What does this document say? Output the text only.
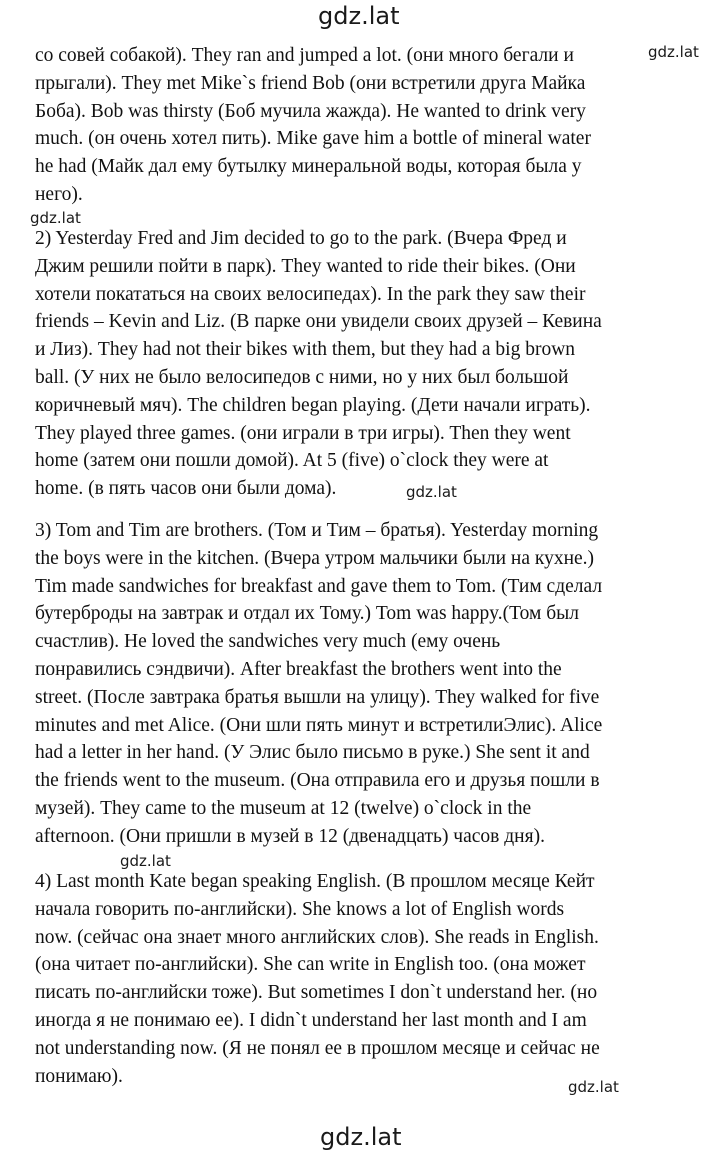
gdz.lat
gdz.lat
gdz.lat
gdz.lat
gdz.lat
gdz.lat
gdz.lat
со совей собакой). They ran and jumped a lot. (они много бегали и
прыгали). They met Mike`s friend Bob (они встретили друга Майка
Боба). Bob was thirsty (Боб мучила жажда). He wanted to drink very
much. (он очень хотел пить). Mike gave him a bottle of mineral water
he had (Майк дал ему бутылку минеральной воды, которая была у
него).
2) Yesterday Fred and Jim decided to go to the park. (Вчера Фред и
Джим решили пойти в парк). They wanted to ride their bikes. (Они
хотели покататься на своих велосипедах). In the park they saw their
friends – Kevin and Liz. (В парке они увидели своих друзей – Кевина
и Лиз). They had not their bikes with them, but they had a big brown
ball. (У них не было велосипедов с ними, но у них был большой
коричневый мяч). The children began playing. (Дети начали играть).
They played three games. (они играли в три игры). Then they went
home (затем они пошли домой). At 5 (five) o`clock they were at
home. (в пять часов они были дома).
3) Tom and Tim are brothers. (Том и Тим – братья). Yesterday morning
the boys were in the kitchen. (Вчера утром мальчики были на кухне.)
Tim made sandwiches for breakfast and gave them to Tom. (Тим сделал
бутерброды на завтрак и отдал их Тому.) Tom was happy.(Том был
счастлив). He loved the sandwiches very much (ему очень
понравились сэндвичи). After breakfast the brothers went into the
street. (После завтрака братья вышли на улицу). They walked for five
minutes and met Alice. (Они шли пять минут и встретилиЭлис). Alice
had a letter in her hand. (У Элис было письмо в руке.) She sent it and
the friends went to the museum. (Она отправила его и друзья пошли в
музей). They came to the museum at 12 (twelve) o`clock in the
afternoon. (Они пришли в музей в 12 (двенадцать) часов дня).
4) Last month Kate began speaking English. (В прошлом месяце Кейт
начала говорить по-английски). She knows a lot of English words
now. (сейчас она знает много английских слов). She reads in English.
(она читает по-английски). She can write in English too. (она может
писать по-английски тоже). But sometimes I don`t understand her. (но
иногда я не понимаю ее). I didn`t understand her last month and I am
not understanding now. (Я не понял ее в прошлом месяце и сейчас не
понимаю).
